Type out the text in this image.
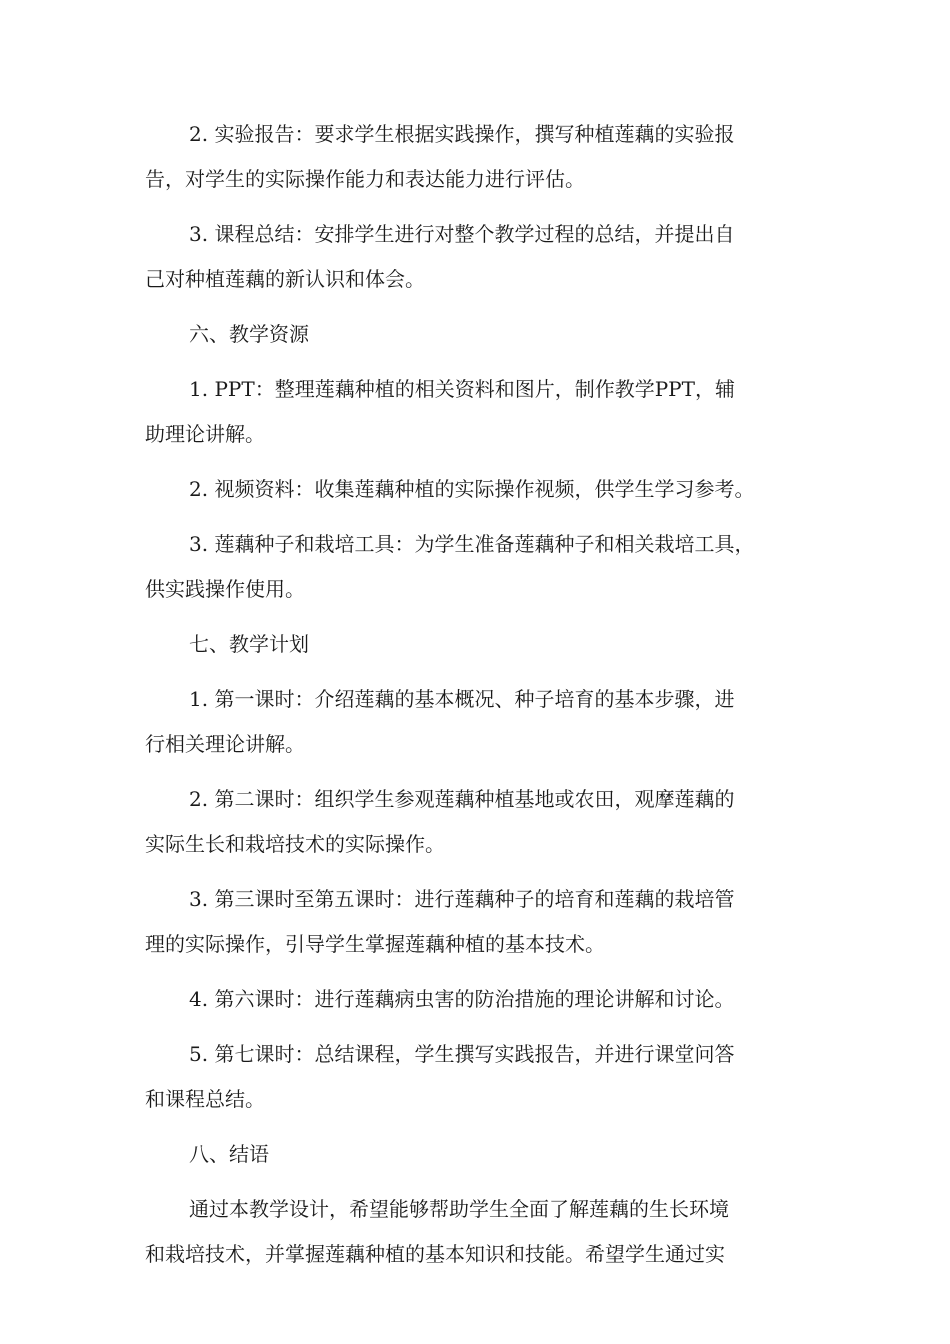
2. 实验报告：要求学生根据实践操作，撰写种植莲藕的实验报
告，对学生的实际操作能力和表达能力进行评估。
3. 课程总结：安排学生进行对整个教学过程的总结，并提出自
己对种植莲藕的新认识和体会。
六、教学资源
1. PPT：整理莲藕种植的相关资料和图片，制作教学PPT，辅
助理论讲解。
2. 视频资料：收集莲藕种植的实际操作视频，供学生学习参考。
3. 莲藕种子和栽培工具：为学生准备莲藕种子和相关栽培工具，
供实践操作使用。
七、教学计划
1. 第一课时：介绍莲藕的基本概况、种子培育的基本步骤，进
行相关理论讲解。
2. 第二课时：组织学生参观莲藕种植基地或农田，观摩莲藕的
实际生长和栽培技术的实际操作。
3. 第三课时至第五课时：进行莲藕种子的培育和莲藕的栽培管
理的实际操作，引导学生掌握莲藕种植的基本技术。
4. 第六课时：进行莲藕病虫害的防治措施的理论讲解和讨论。
5. 第七课时：总结课程，学生撰写实践报告，并进行课堂问答
和课程总结。
八、结语
通过本教学设计，希望能够帮助学生全面了解莲藕的生长环境
和栽培技术，并掌握莲藕种植的基本知识和技能。希望学生通过实
